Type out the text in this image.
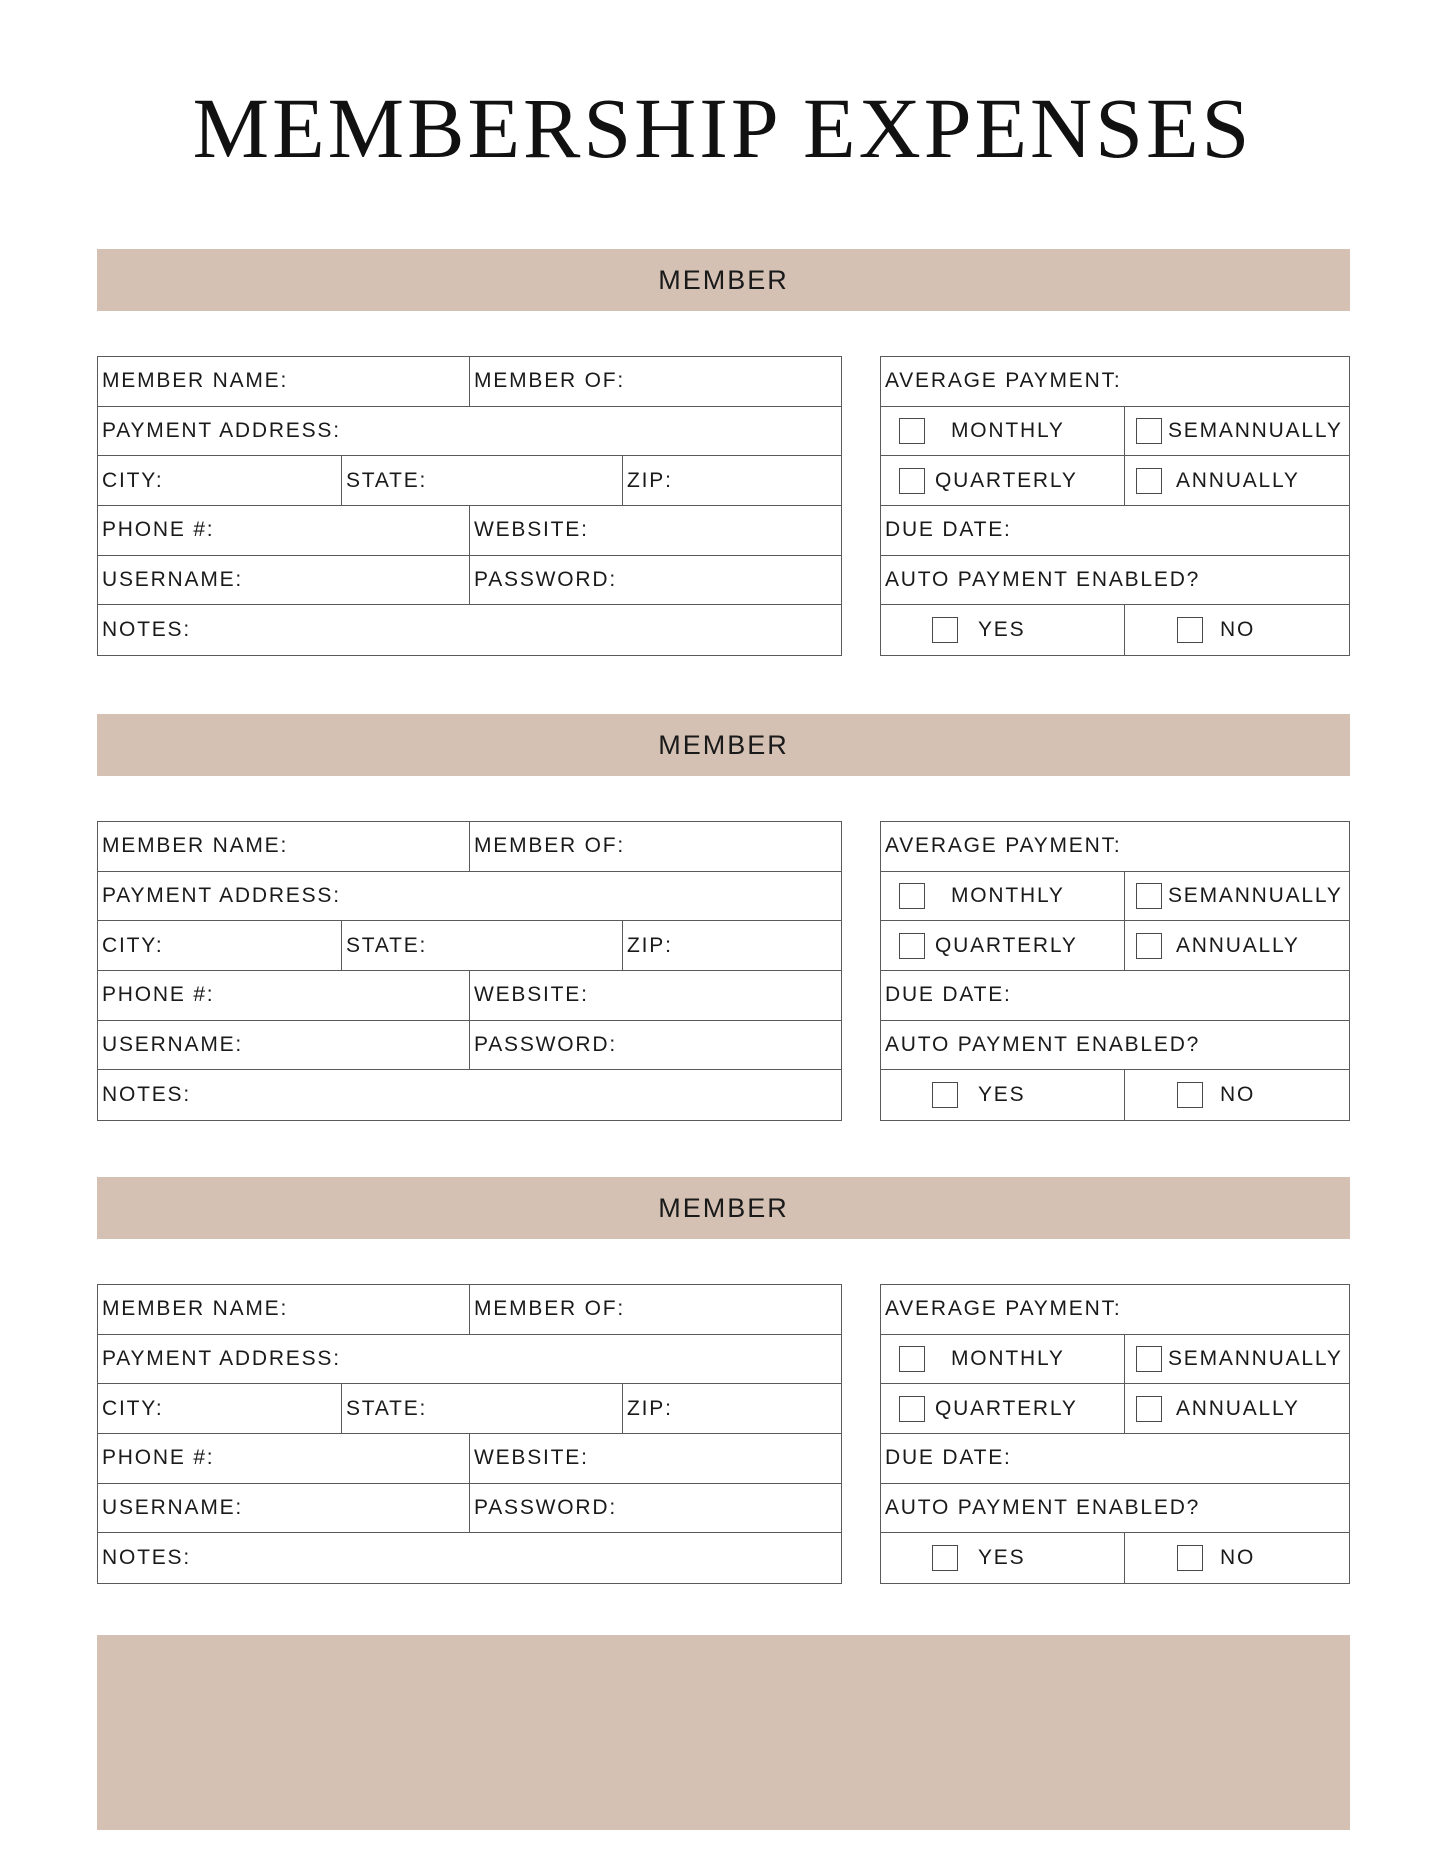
MEMBERSHIP EXPENSES
MEMBER
MEMBER NAME:	MEMBER OF:
PAYMENT ADDRESS:
CITY:	STATE:	ZIP:
PHONE #:	WEBSITE:
USERNAME:	PASSWORD:
NOTES:
AVERAGE PAYMENT:
MONTHLY	SEMANNUALLY
QUARTERLY	ANNUALLY
DUE DATE:
AUTO PAYMENT ENABLED?
YES	NO
MEMBER
MEMBER NAME:	MEMBER OF:
PAYMENT ADDRESS:
CITY:	STATE:	ZIP:
PHONE #:	WEBSITE:
USERNAME:	PASSWORD:
NOTES:
AVERAGE PAYMENT:
MONTHLY	SEMANNUALLY
QUARTERLY	ANNUALLY
DUE DATE:
AUTO PAYMENT ENABLED?
YES	NO
MEMBER
MEMBER NAME:	MEMBER OF:
PAYMENT ADDRESS:
CITY:	STATE:	ZIP:
PHONE #:	WEBSITE:
USERNAME:	PASSWORD:
NOTES:
AVERAGE PAYMENT:
MONTHLY	SEMANNUALLY
QUARTERLY	ANNUALLY
DUE DATE:
AUTO PAYMENT ENABLED?
YES	NO
